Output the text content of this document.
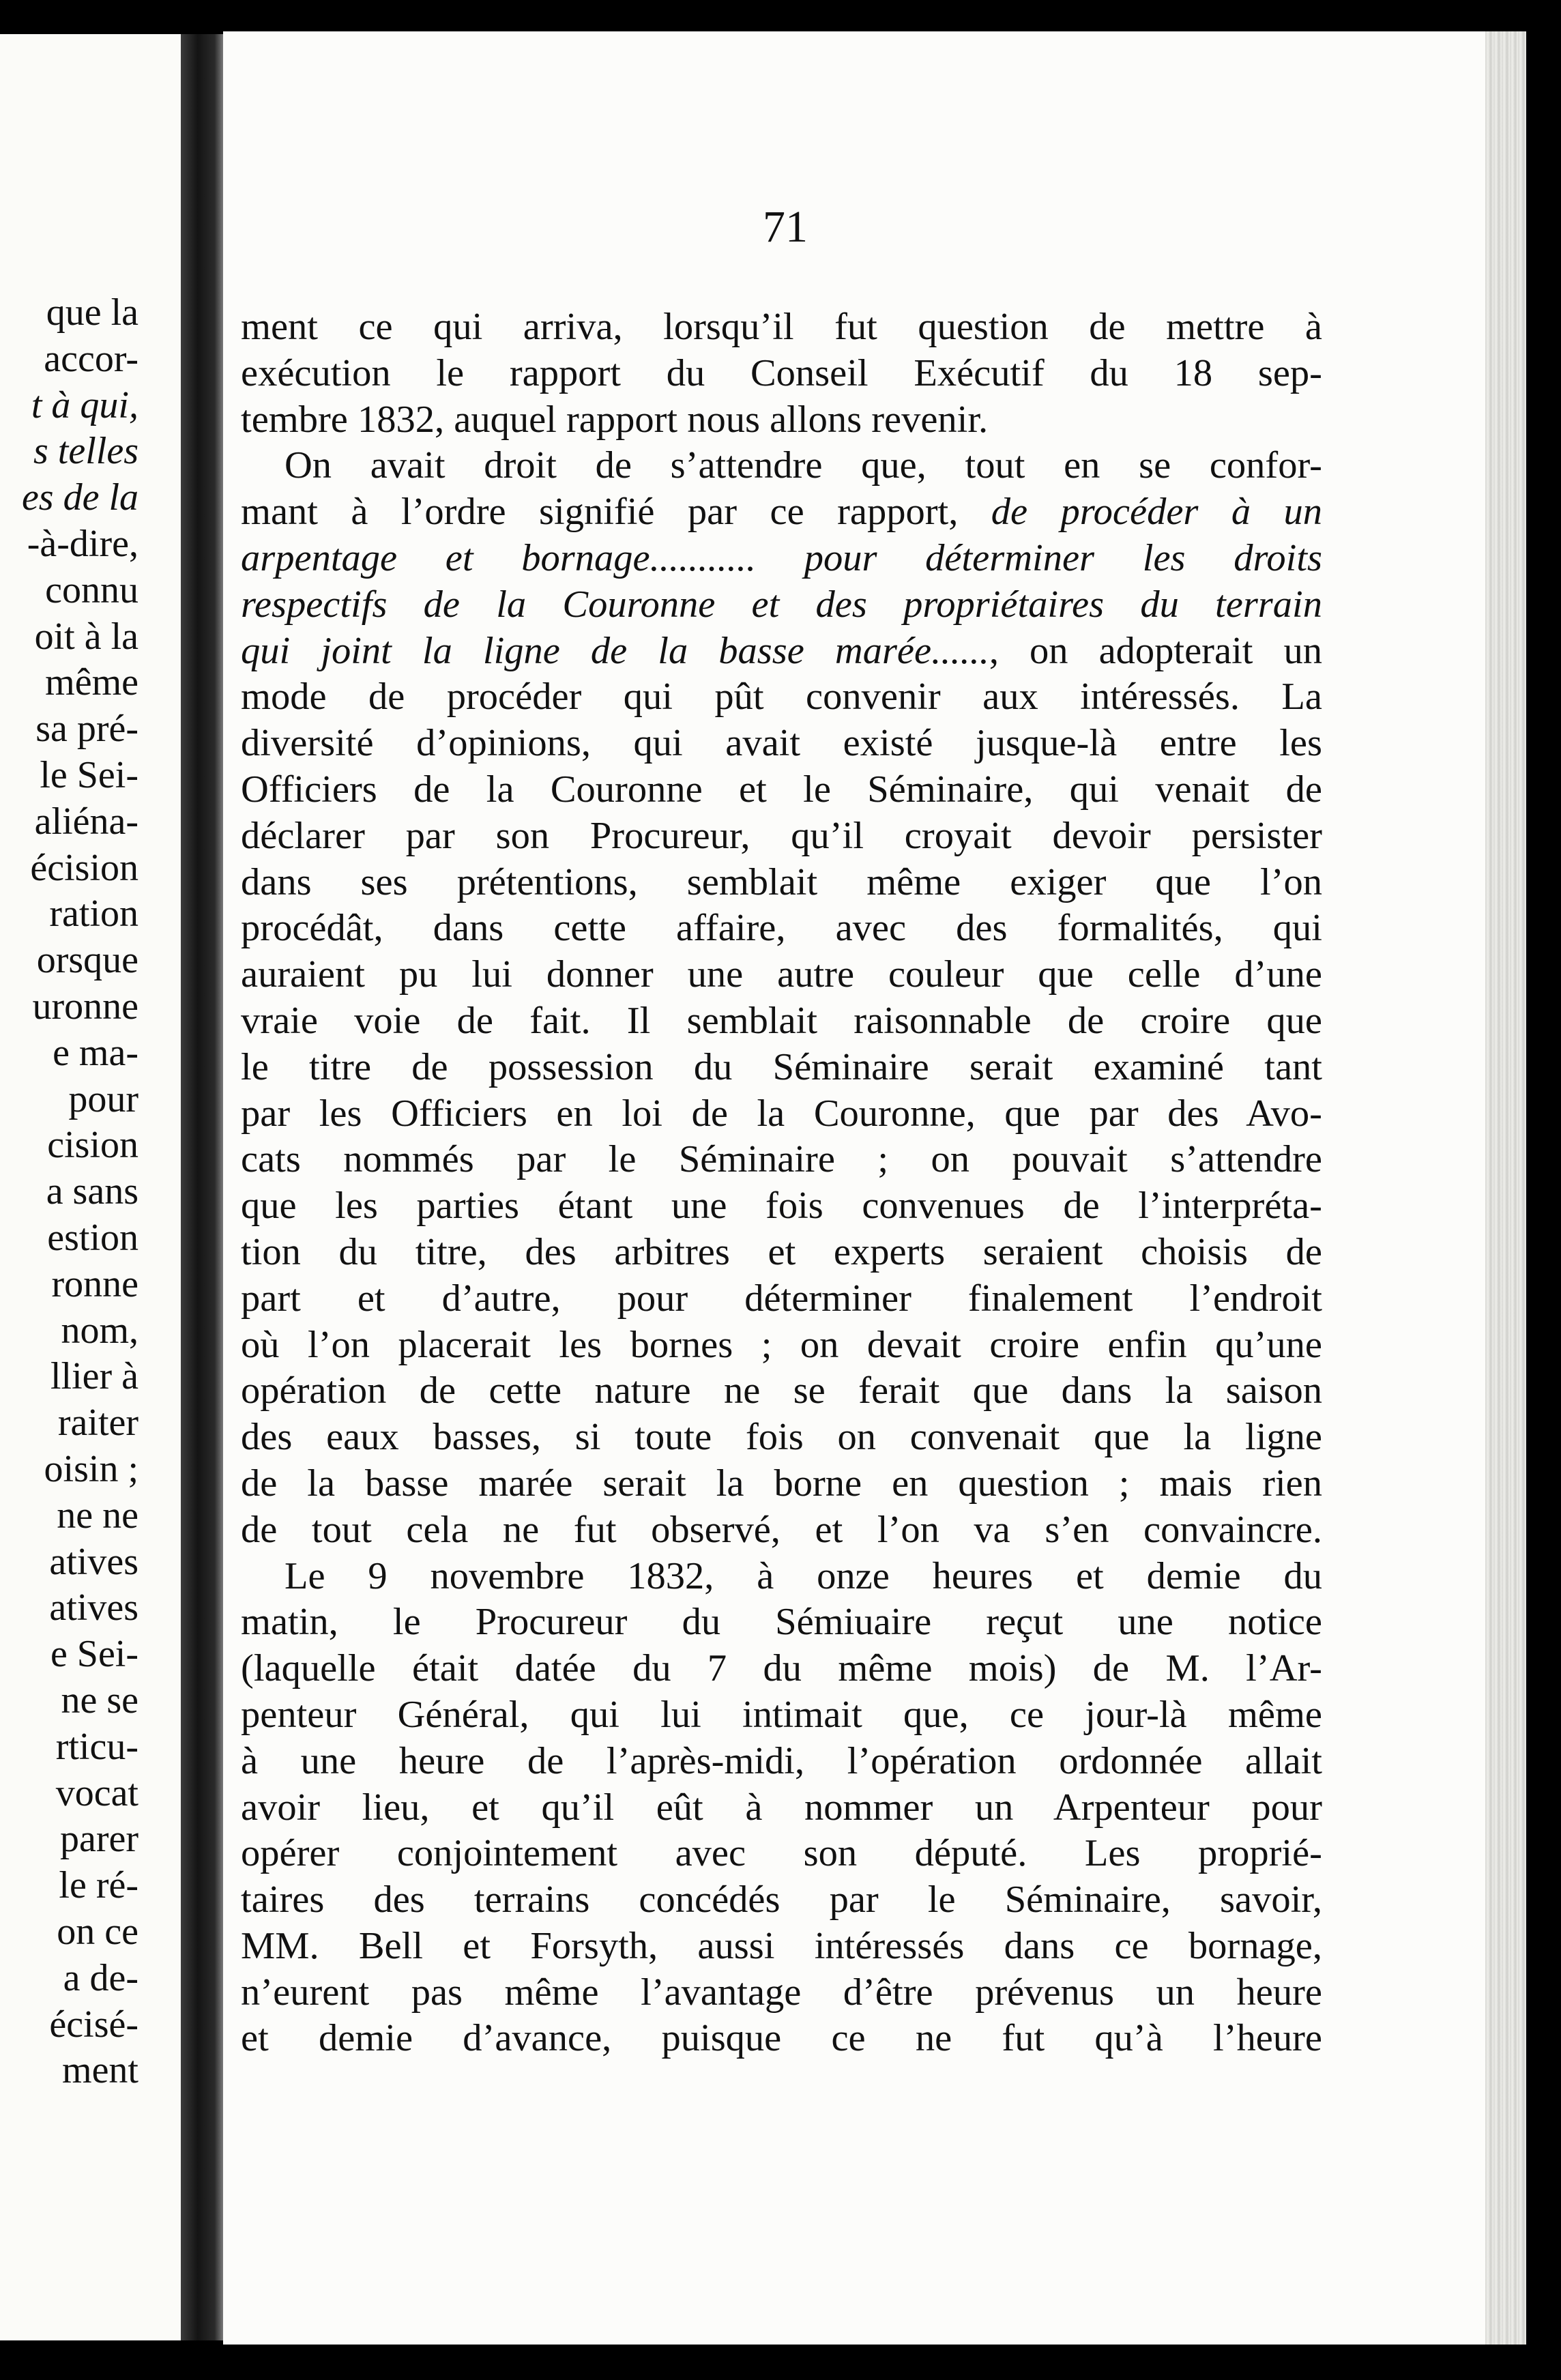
que la
accor-
t à qui,
s telles
es de la
-à-dire,
connu
oit à la
même
sa pré-
le Sei-
aliéna-
écision
ration
orsque
uronne
e ma-
pour
cision
a sans
estion
ronne
nom,
llier à
raiter
oisin ;
ne ne
atives
atives
e Sei-
ne se
rticu-
vocat
parer
le ré-
on ce
a de-
écisé-
ment
71
ment ce qui arriva, lorsqu’il fut question de mettre à
exécution le rapport du Conseil Exécutif du 18 sep-
tembre 1832, auquel rapport nous allons revenir.
On avait droit de s’attendre que, tout en se confor-
mant à l’ordre signifié par ce rapport, de procéder à un
arpentage et bornage........... pour déterminer les droits
respectifs de la Couronne et des propriétaires du terrain
qui joint la ligne de la basse marée......, on adopterait un
mode de procéder qui pût convenir aux intéressés. La
diversité d’opinions, qui avait existé jusque-là entre les
Officiers de la Couronne et le Séminaire, qui venait de
déclarer par son Procureur, qu’il croyait devoir persister
dans ses prétentions, semblait même exiger que l’on
procédât, dans cette affaire, avec des formalités, qui
auraient pu lui donner une autre couleur que celle d’une
vraie voie de fait. Il semblait raisonnable de croire que
le titre de possession du Séminaire serait examiné tant
par les Officiers en loi de la Couronne, que par des Avo-
cats nommés par le Séminaire ; on pouvait s’attendre
que les parties étant une fois convenues de l’interpréta-
tion du titre, des arbitres et experts seraient choisis de
part et d’autre, pour déterminer finalement l’endroit
où l’on placerait les bornes ; on devait croire enfin qu’une
opération de cette nature ne se ferait que dans la saison
des eaux basses, si toute fois on convenait que la ligne
de la basse marée serait la borne en question ; mais rien
de tout cela ne fut observé, et l’on va s’en convaincre.
Le 9 novembre 1832, à onze heures et demie du
matin, le Procureur du Sémiuaire reçut une notice
(laquelle était datée du 7 du même mois) de M. l’Ar-
penteur Général, qui lui intimait que, ce jour-là même
à une heure de l’après-midi, l’opération ordonnée allait
avoir lieu, et qu’il eût à nommer un Arpenteur pour
opérer conjointement avec son député. Les proprié-
taires des terrains concédés par le Séminaire, savoir,
MM. Bell et Forsyth, aussi intéressés dans ce bornage,
n’eurent pas même l’avantage d’être prévenus un heure
et demie d’avance, puisque ce ne fut qu’à l’heure
